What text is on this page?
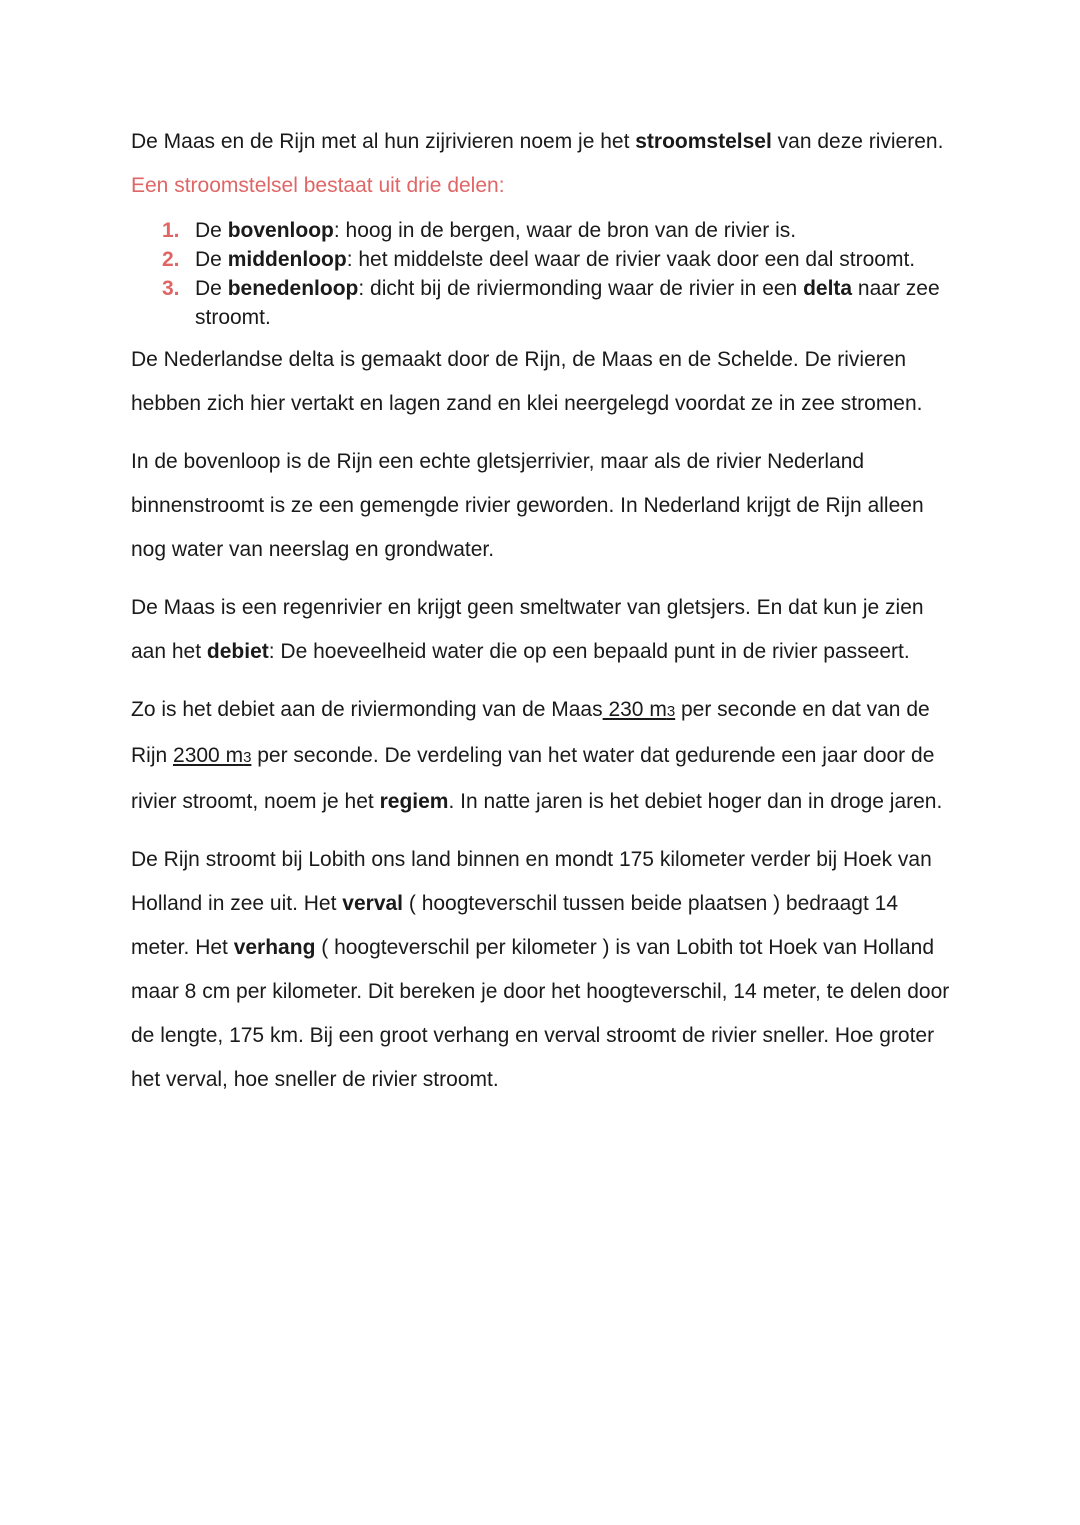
De Maas en de Rijn met al hun zijrivieren noem je het stroomstelsel van deze rivieren. Een stroomstelsel bestaat uit drie delen:

1. De bovenloop: hoog in de bergen, waar de bron van de rivier is.
2. De middenloop: het middelste deel waar de rivier vaak door een dal stroomt.
3. De benedenloop: dicht bij de riviermonding waar de rivier in een delta naar zee stroomt.

De Nederlandse delta is gemaakt door de Rijn, de Maas en de Schelde. De rivieren hebben zich hier vertakt en lagen zand en klei neergelegd voordat ze in zee stromen.

In de bovenloop is de Rijn een echte gletsjerrivier, maar als de rivier Nederland binnenstroomt is ze een gemengde rivier geworden. In Nederland krijgt de Rijn alleen nog water van neerslag en grondwater.

De Maas is een regenrivier en krijgt geen smeltwater van gletsjers. En dat kun je zien aan het debiet: De hoeveelheid water die op een bepaald punt in de rivier passeert.

Zo is het debiet aan de riviermonding van de Maas 230 m3 per seconde en dat van de Rijn 2300 m3 per seconde. De verdeling van het water dat gedurende een jaar door de rivier stroomt, noem je het regiem. In natte jaren is het debiet hoger dan in droge jaren.

De Rijn stroomt bij Lobith ons land binnen en mondt 175 kilometer verder bij Hoek van Holland in zee uit. Het verval ( hoogteverschil tussen beide plaatsen ) bedraagt 14 meter. Het verhang ( hoogteverschil per kilometer ) is van Lobith tot Hoek van Holland maar 8 cm per kilometer. Dit bereken je door het hoogteverschil, 14 meter, te delen door de lengte, 175 km. Bij een groot verhang en verval stroomt de rivier sneller. Hoe groter het verval, hoe sneller de rivier stroomt.
